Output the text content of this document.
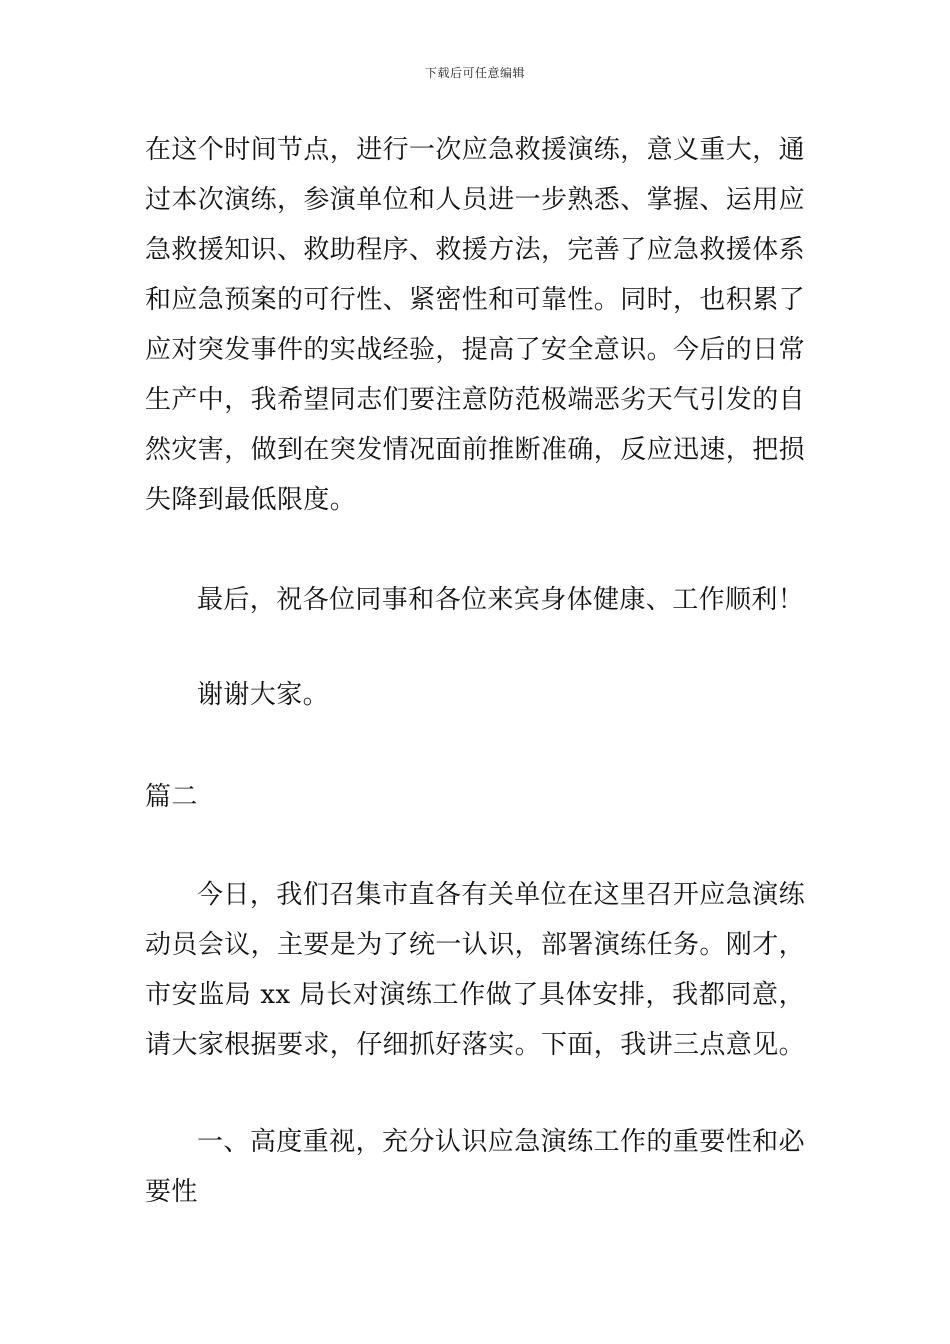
下载后可任意编辑

在这个时间节点，进行一次应急救援演练，意义重大，通过本次演练，参演单位和人员进一步熟悉、掌握、运用应急救援知识、救助程序、救援方法，完善了应急救援体系和应急预案的可行性、紧密性和可靠性。同时，也积累了应对突发事件的实战经验，提高了安全意识。今后的日常生产中，我希望同志们要注意防范极端恶劣天气引发的自然灾害，做到在突发情况面前推断准确，反应迅速，把损失降到最低限度。

最后，祝各位同事和各位来宾身体健康、工作顺利！

谢谢大家。

篇二

今日，我们召集市直各有关单位在这里召开应急演练动员会议，主要是为了统一认识，部署演练任务。刚才，市安监局 xx 局长对演练工作做了具体安排，我都同意，请大家根据要求，仔细抓好落实。下面，我讲三点意见。

一、高度重视，充分认识应急演练工作的重要性和必要性
